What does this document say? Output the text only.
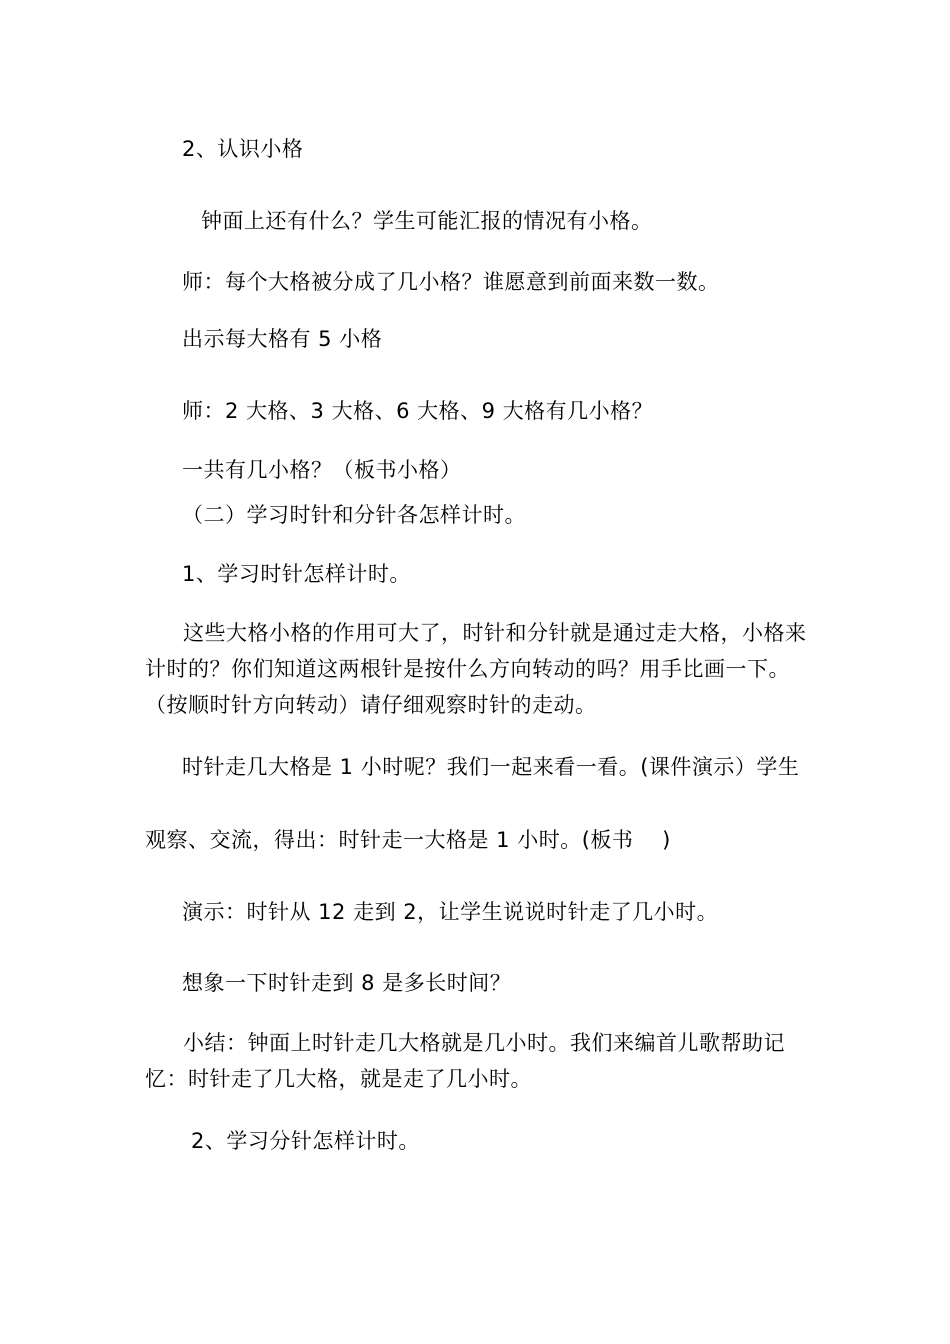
2、认识小格
钟面上还有什么？学生可能汇报的情况有小格。
师：每个大格被分成了几小格？谁愿意到前面来数一数。
出示每大格有 5 小格
师：2 大格、3 大格、6 大格、9 大格有几小格？
一共有几小格？（板书小格）
（二）学习时针和分针各怎样计时。
1、学习时针怎样计时。
这些大格小格的作用可大了，时针和分针就是通过走大格，小格来计时的？你们知道这两根针是按什么方向转动的吗？用手比画一下。（按顺时针方向转动）请仔细观察时针的走动。
时针走几大格是 1 小时呢？我们一起来看一看。(课件演示）学生
观察、交流，得出：时针走一大格是 1 小时。(板书　 )
演示：时针从 12 走到 2，让学生说说时针走了几小时。
想象一下时针走到 8 是多长时间？
小结：钟面上时针走几大格就是几小时。我们来编首儿歌帮助记忆：时针走了几大格，就是走了几小时。
2、学习分针怎样计时。
